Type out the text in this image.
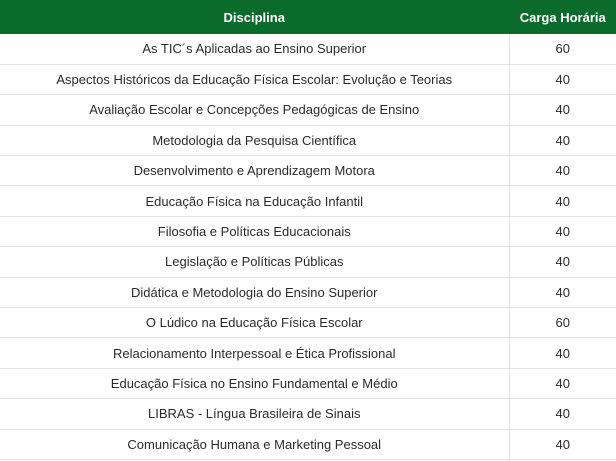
Disciplina	Carga Horária
As TIC´s Aplicadas ao Ensino Superior	60
Aspectos Históricos da Educação Física Escolar: Evolução e Teorias	40
Avaliação Escolar e Concepções Pedagógicas de Ensino	40
Metodologia da Pesquisa Científica	40
Desenvolvimento e Aprendizagem Motora	40
Educação Física na Educação Infantil	40
Filosofia e Políticas Educacionais	40
Legislação e Políticas Públicas	40
Didática e Metodologia do Ensino Superior	40
O Lúdico na Educação Física Escolar	60
Relacionamento Interpessoal e Ética Profissional	40
Educação Física no Ensino Fundamental e Médio	40
LIBRAS - Língua Brasileira de Sinais	40
Comunicação Humana e Marketing Pessoal	40
